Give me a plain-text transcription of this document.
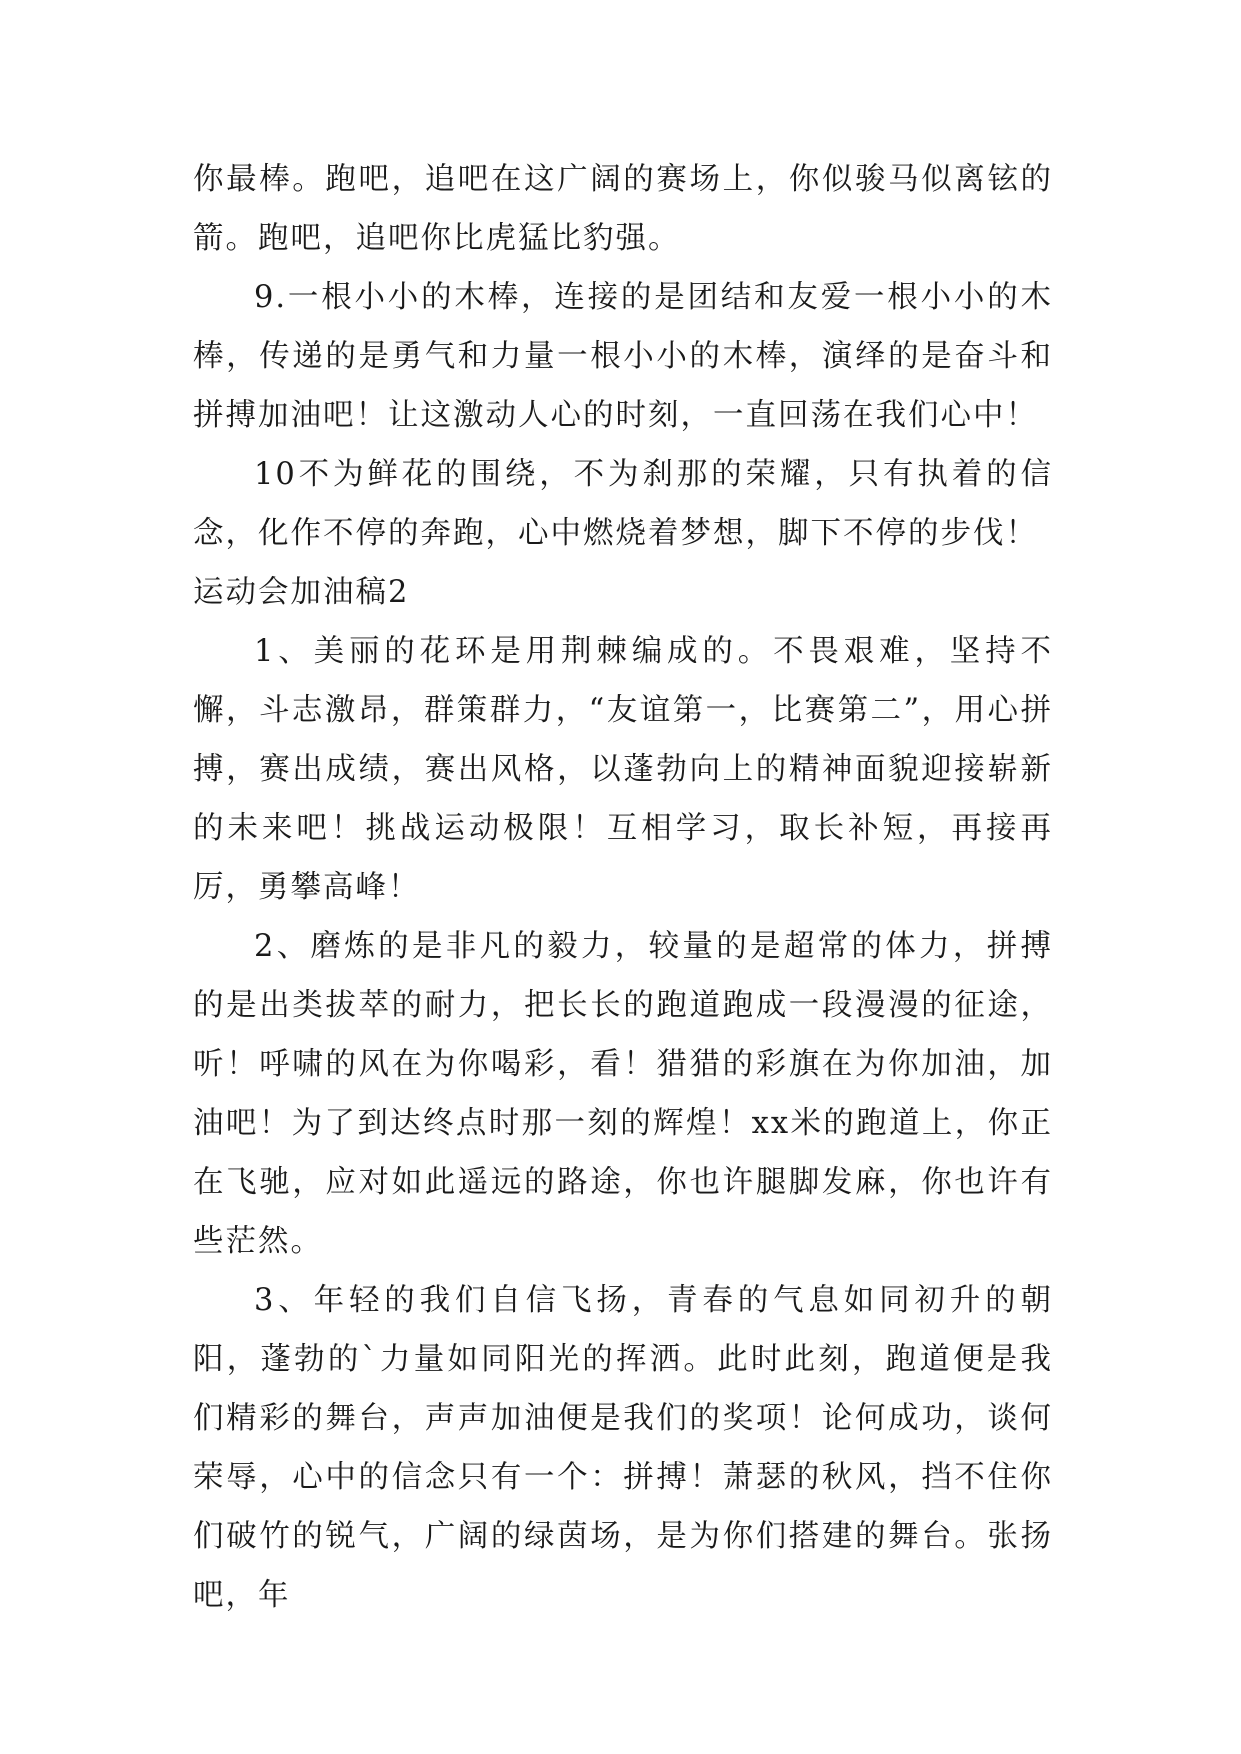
你最棒。跑吧，追吧在这广阔的赛场上，你似骏马似离铉的箭。跑吧，追吧你比虎猛比豹强。

9.一根小小的木棒，连接的是团结和友爱一根小小的木棒，传递的是勇气和力量一根小小的木棒，演绎的是奋斗和拼搏加油吧！让这激动人心的时刻，一直回荡在我们心中！

10不为鲜花的围绕，不为刹那的荣耀，只有执着的信念，化作不停的奔跑，心中燃烧着梦想，脚下不停的步伐！

运动会加油稿2

1、美丽的花环是用荆棘编成的。不畏艰难，坚持不懈，斗志激昂，群策群力，“友谊第一，比赛第二”，用心拼搏，赛出成绩，赛出风格，以蓬勃向上的精神面貌迎接崭新的未来吧！挑战运动极限！互相学习，取长补短，再接再厉，勇攀高峰！

2、磨炼的是非凡的毅力，较量的是超常的体力，拼搏的是出类拔萃的耐力，把长长的跑道跑成一段漫漫的征途，听！呼啸的风在为你喝彩，看！猎猎的彩旗在为你加油，加油吧！为了到达终点时那一刻的辉煌！xx米的跑道上，你正在飞驰，应对如此遥远的路途，你也许腿脚发麻，你也许有些茫然。

3、年轻的我们自信飞扬，青春的气息如同初升的朝阳，蓬勃的`力量如同阳光的挥洒。此时此刻，跑道便是我们精彩的舞台，声声加油便是我们的奖项！论何成功，谈何荣辱，心中的信念只有一个：拼搏！萧瑟的秋风，挡不住你们破竹的锐气，广阔的绿茵场，是为你们搭建的舞台。张扬吧，年
